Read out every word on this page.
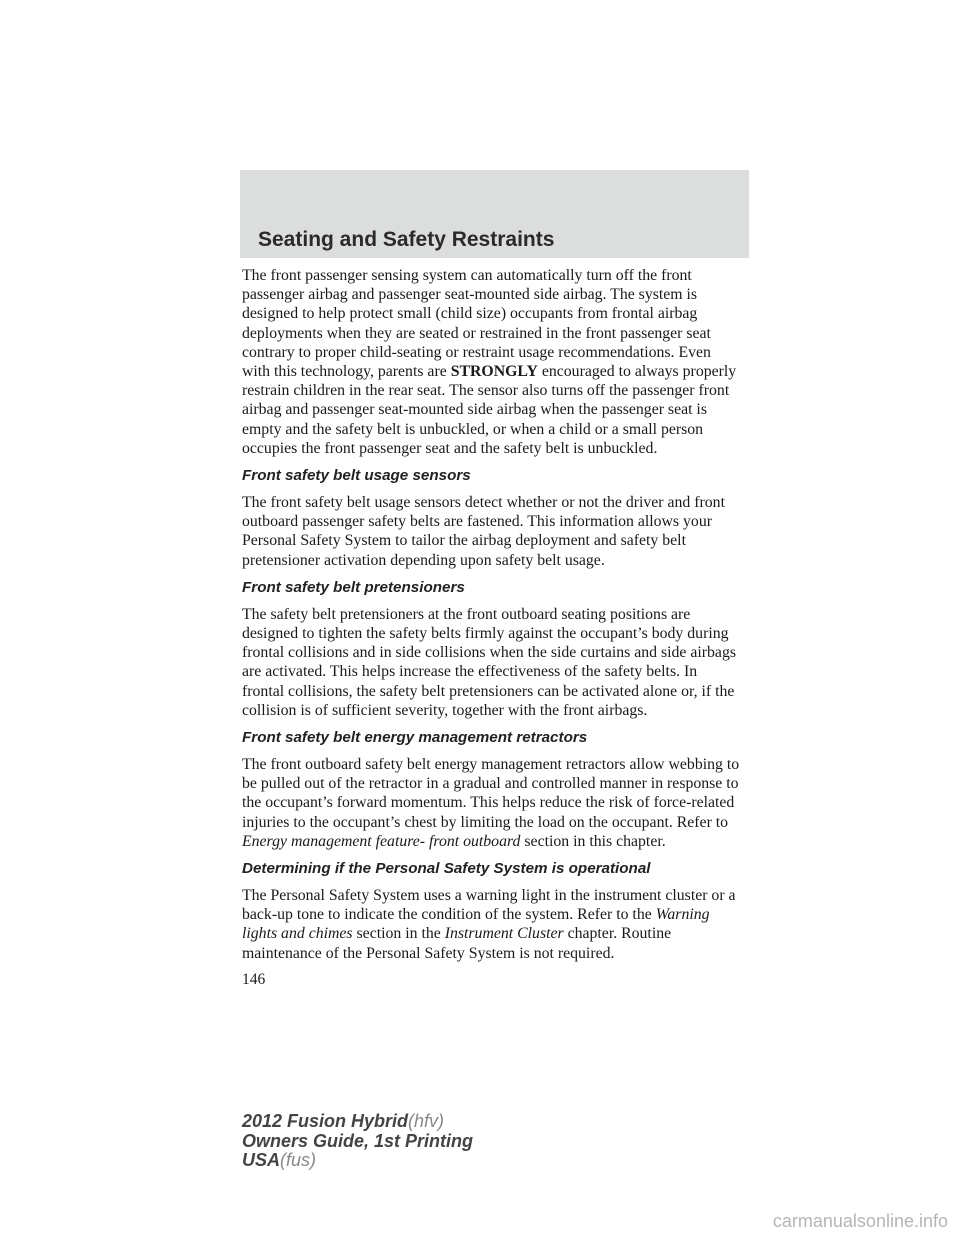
Seating and Safety Restraints

The front passenger sensing system can automatically turn off the front passenger airbag and passenger seat-mounted side airbag. The system is designed to help protect small (child size) occupants from frontal airbag deployments when they are seated or restrained in the front passenger seat contrary to proper child-seating or restraint usage recommendations. Even with this technology, parents are STRONGLY encouraged to always properly restrain children in the rear seat. The sensor also turns off the passenger front airbag and passenger seat-mounted side airbag when the passenger seat is empty and the safety belt is unbuckled, or when a child or a small person occupies the front passenger seat and the safety belt is unbuckled.

Front safety belt usage sensors

The front safety belt usage sensors detect whether or not the driver and front outboard passenger safety belts are fastened. This information allows your Personal Safety System to tailor the airbag deployment and safety belt pretensioner activation depending upon safety belt usage.

Front safety belt pretensioners

The safety belt pretensioners at the front outboard seating positions are designed to tighten the safety belts firmly against the occupant’s body during frontal collisions and in side collisions when the side curtains and side airbags are activated. This helps increase the effectiveness of the safety belts. In frontal collisions, the safety belt pretensioners can be activated alone or, if the collision is of sufficient severity, together with the front airbags.

Front safety belt energy management retractors

The front outboard safety belt energy management retractors allow webbing to be pulled out of the retractor in a gradual and controlled manner in response to the occupant’s forward momentum. This helps reduce the risk of force-related injuries to the occupant’s chest by limiting the load on the occupant. Refer to Energy management feature- front outboard section in this chapter.

Determining if the Personal Safety System is operational

The Personal Safety System uses a warning light in the instrument cluster or a back-up tone to indicate the condition of the system. Refer to the Warning lights and chimes section in the Instrument Cluster chapter. Routine maintenance of the Personal Safety System is not required.

146
2012 Fusion Hybrid(hfv)
Owners Guide, 1st Printing
USA(fus)
carmanualsonline.info
